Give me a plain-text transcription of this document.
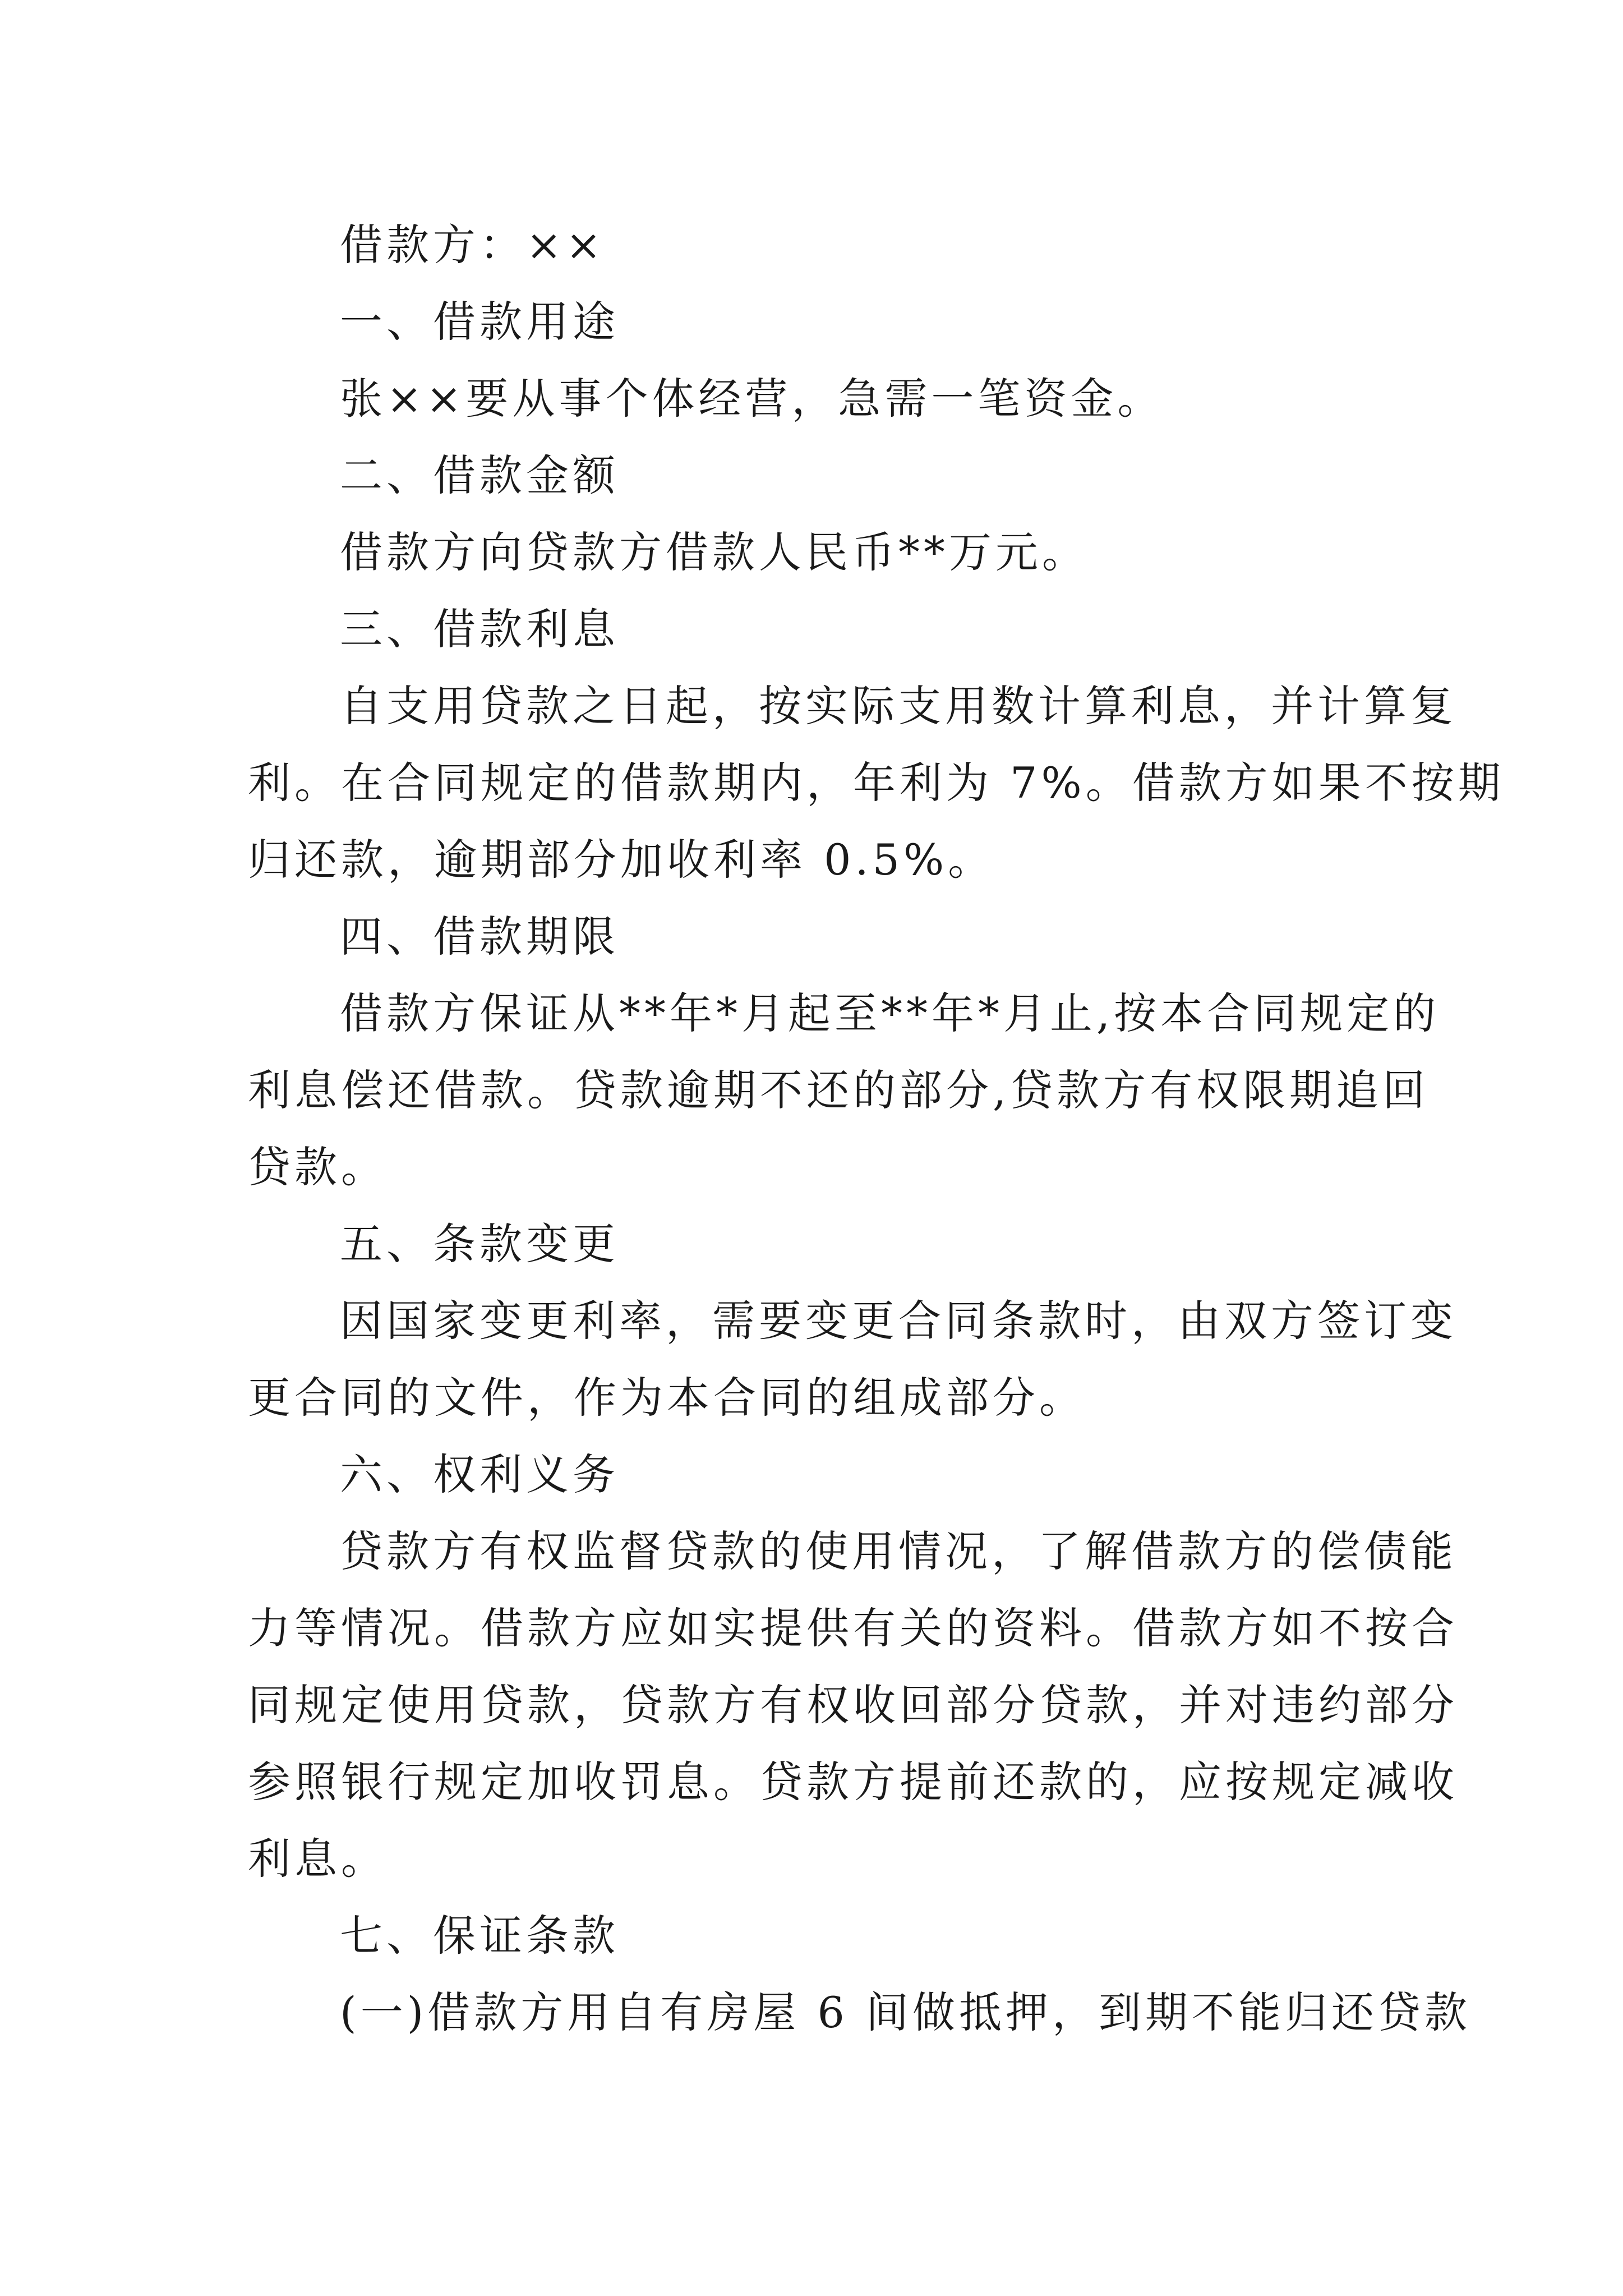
借款方：××
一、借款用途
张××要从事个体经营，急需一笔资金。
二、借款金额
借款方向贷款方借款人民币**万元。
三、借款利息
自支用贷款之日起，按实际支用数计算利息，并计算复
利。在合同规定的借款期内，年利为 7%。借款方如果不按期
归还款，逾期部分加收利率 0.5%。
四、借款期限
借款方保证从**年*月起至**年*月止,按本合同规定的
利息偿还借款。贷款逾期不还的部分,贷款方有权限期追回
贷款。
五、条款变更
因国家变更利率，需要变更合同条款时，由双方签订变
更合同的文件，作为本合同的组成部分。
六、权利义务
贷款方有权监督贷款的使用情况，了解借款方的偿债能
力等情况。借款方应如实提供有关的资料。借款方如不按合
同规定使用贷款，贷款方有权收回部分贷款，并对违约部分
参照银行规定加收罚息。贷款方提前还款的，应按规定减收
利息。
七、保证条款
(一)借款方用自有房屋 6 间做抵押，到期不能归还贷款
